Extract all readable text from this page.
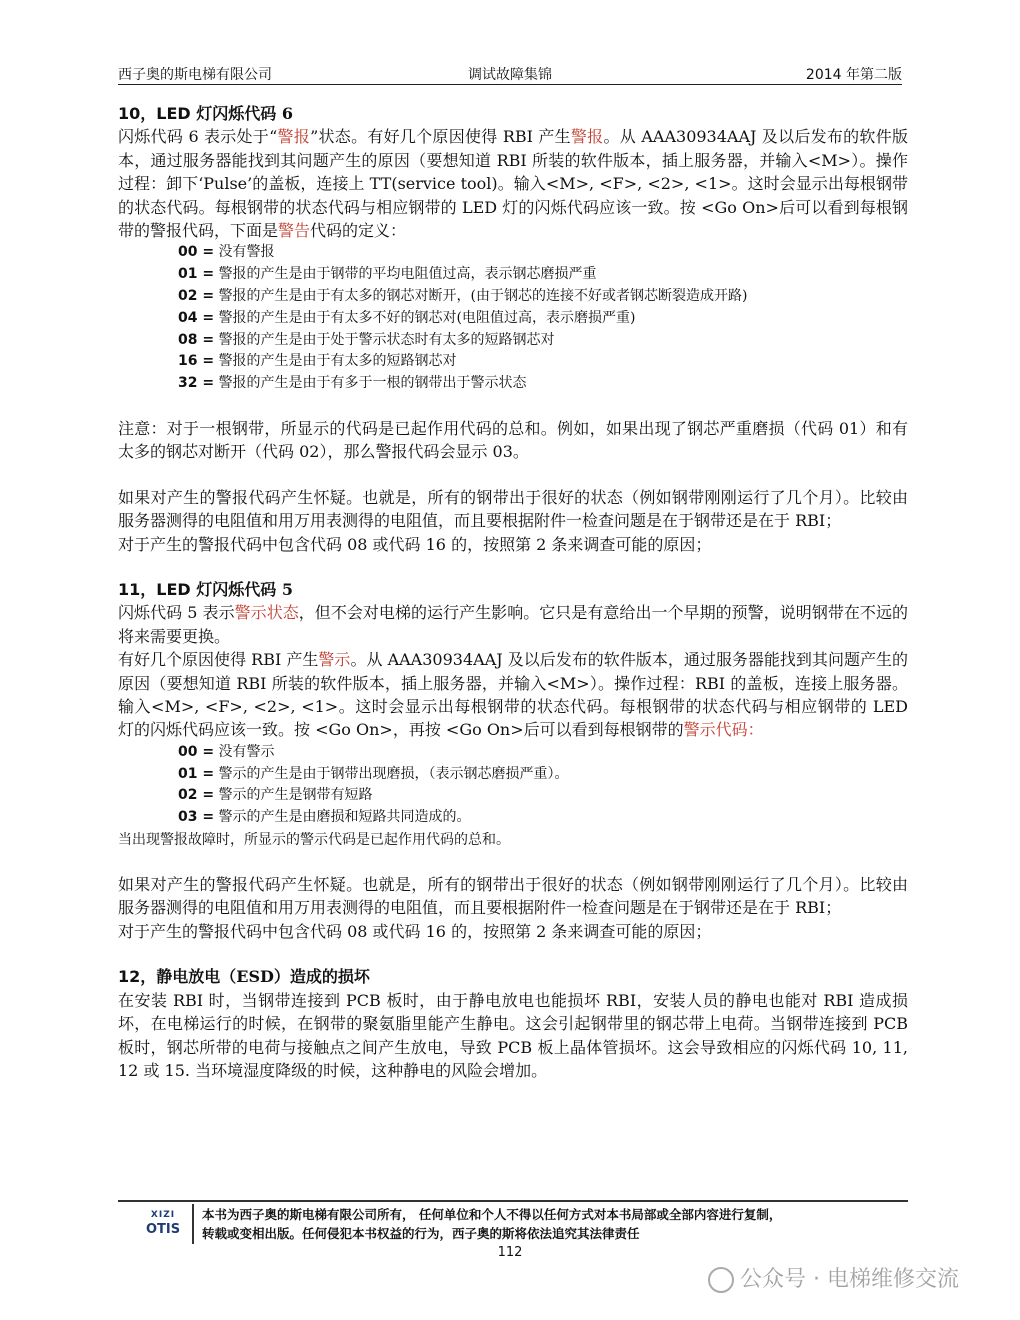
西子奥的斯电梯有限公司	调试故障集锦	2014 年第二版

10，LED 灯闪烁代码 6

闪烁代码 6 表示处于“警报”状态。有好几个原因使得 RBI 产生警报。从 AAA30934AAJ 及以后发布的软件版本，通过服务器能找到其问题产生的原因（要想知道 RBI 所装的软件版本，插上服务器，并输入<M>）。操作过程：卸下‘Pulse’的盖板，连接上 TT(service tool)。输入<M>, <F>, <2>, <1>。这时会显示出每根钢带的状态代码。每根钢带的状态代码与相应钢带的 LED 灯的闪烁代码应该一致。按 <Go On>后可以看到每根钢带的警报代码，下面是警告代码的定义：

00 = 没有警报
01 = 警报的产生是由于钢带的平均电阻值过高，表示钢芯磨损严重
02 = 警报的产生是由于有太多的钢芯对断开，(由于钢芯的连接不好或者钢芯断裂造成开路)
04 = 警报的产生是由于有太多不好的钢芯对(电阻值过高，表示磨损严重)
08 = 警报的产生是由于处于警示状态时有太多的短路钢芯对
16 = 警报的产生是由于有太多的短路钢芯对
32 = 警报的产生是由于有多于一根的钢带出于警示状态

注意：对于一根钢带，所显示的代码是已起作用代码的总和。例如，如果出现了钢芯严重磨损（代码 01）和有太多的钢芯对断开（代码 02），那么警报代码会显示 03。

如果对产生的警报代码产生怀疑。也就是，所有的钢带出于很好的状态（例如钢带刚刚运行了几个月）。比较由服务器测得的电阻值和用万用表测得的电阻值，而且要根据附件一检查问题是在于钢带还是在于 RBI；

对于产生的警报代码中包含代码 08 或代码 16 的，按照第 2 条来调查可能的原因；

11，LED 灯闪烁代码 5

闪烁代码 5 表示警示状态，但不会对电梯的运行产生影响。它只是有意给出一个早期的预警，说明钢带在不远的将来需要更换。

有好几个原因使得 RBI 产生警示。从 AAA30934AAJ 及以后发布的软件版本，通过服务器能找到其问题产生的原因（要想知道 RBI 所装的软件版本，插上服务器，并输入<M>）。操作过程：RBI 的盖板，连接上服务器。输入<M>, <F>, <2>, <1>。这时会显示出每根钢带的状态代码。每根钢带的状态代码与相应钢带的 LED 灯的闪烁代码应该一致。按 <Go On>，再按 <Go On>后可以看到每根钢带的警示代码：

00 = 没有警示
01 = 警示的产生是由于钢带出现磨损，（表示钢芯磨损严重）。
02 = 警示的产生是钢带有短路
03 = 警示的产生是由磨损和短路共同造成的。

当出现警报故障时，所显示的警示代码是已起作用代码的总和。

如果对产生的警报代码产生怀疑。也就是，所有的钢带出于很好的状态（例如钢带刚刚运行了几个月）。比较由服务器测得的电阻值和用万用表测得的电阻值，而且要根据附件一检查问题是在于钢带还是在于 RBI；

对于产生的警报代码中包含代码 08 或代码 16 的，按照第 2 条来调查可能的原因；

12，静电放电（ESD）造成的损坏

在安装 RBI 时，当钢带连接到 PCB 板时，由于静电放电也能损坏 RBI，安装人员的静电也能对 RBI 造成损坏，在电梯运行的时候，在钢带的聚氨脂里能产生静电。这会引起钢带里的钢芯带上电荷。当钢带连接到 PCB 板时，钢芯所带的电荷与接触点之间产生放电，导致 PCB 板上晶体管损坏。这会导致相应的闪烁代码 10, 11, 12 或 15. 当环境湿度降级的时候，这种静电的风险会增加。

XIZI
OTIS
本书为西子奥的斯电梯有限公司所有， 任何单位和个人不得以任何方式对本书局部或全部内容进行复制，
转载或变相出版。任何侵犯本书权益的行为，西子奥的斯将依法追究其法律责任
112
公众号 · 电梯维修交流
